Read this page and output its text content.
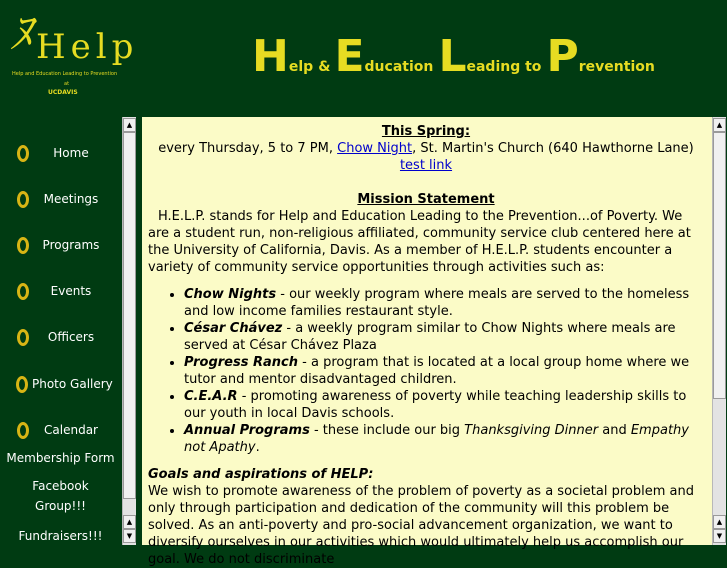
ﾇ Help
Help and Education Leading to Prevention
at
UCDAVIS
Help &Education Leading to Prevention
Home
Meetings
Programs
Events
Officers
Photo Gallery
Calendar
Membership Form
Facebook
Group!!!
Fundraisers!!!
▲
▲
▼
This Spring:
every Thursday, 5 to 7 PM, Chow Night, St. Martin's Church (640 Hawthorne Lane)
test link
Mission Statement

H.E.L.P. stands for Help and Education Leading to the Prevention...of Poverty. We are a student run, non-religious affiliated, community service club centered here at the University of California, Davis. As a member of H.E.L.P. students encounter a variety of community service opportunities through activities such as:

• Chow Nights - our weekly program where meals are served to the homeless and low income families restaurant style.
• César Chávez - a weekly program similar to Chow Nights where meals are served at César Chávez Plaza
• Progress Ranch - a program that is located at a local group home where we tutor and mentor disadvantaged children.
• C.E.A.R - promoting awareness of poverty while teaching leadership skills to our youth in local Davis schools.
• Annual Programs - these include our big Thanksgiving Dinner and Empathy not Apathy.
Goals and aspirations of HELP:
We wish to promote awareness of the problem of poverty as a societal problem and only through participation and dedication of the community will this problem be solved. As an anti-poverty and pro-social advancement organization, we want to diversify ourselves in our activities which would ultimately help us accomplish our goal. We do not discriminate
▲
▲
▼
